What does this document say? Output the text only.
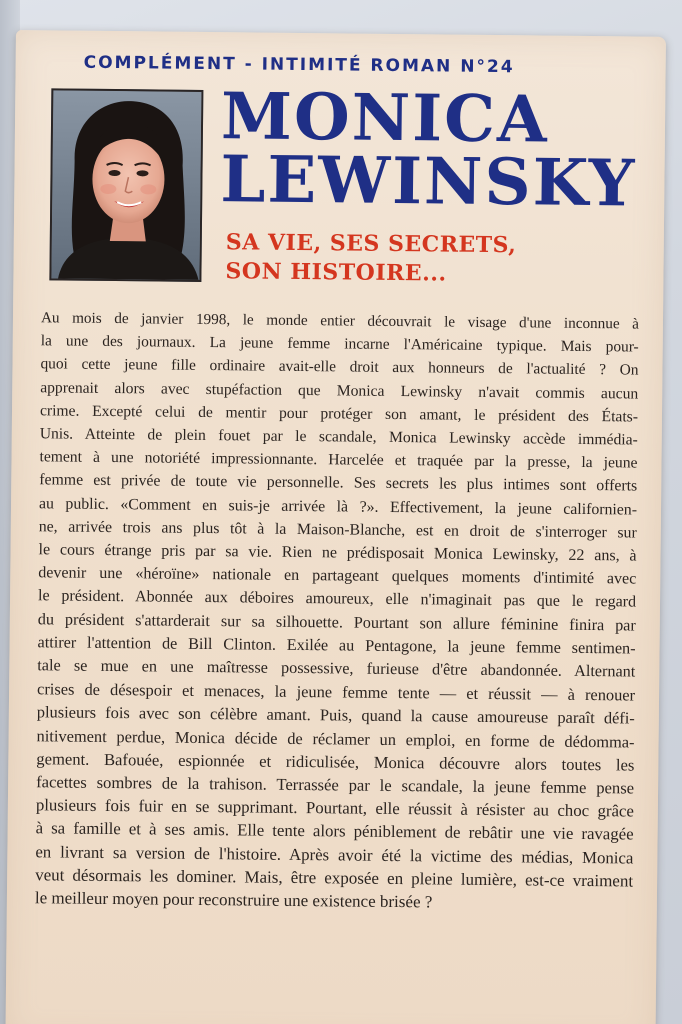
COMPLÉMENT - INTIMITÉ ROMAN N°24
MONICA
LEWINSKY
SA VIE, SES SECRETS,
SON HISTOIRE...
Au mois de janvier 1998, le monde entier découvrait le visage d'une inconnue à
la une des journaux. La jeune femme incarne l'Américaine typique. Mais pour-
quoi cette jeune fille ordinaire avait-elle droit aux honneurs de l'actualité ? On
apprenait alors avec stupéfaction que Monica Lewinsky n'avait commis aucun
crime. Excepté celui de mentir pour protéger son amant, le président des États-
Unis. Atteinte de plein fouet par le scandale, Monica Lewinsky accède immédia-
tement à une notoriété impressionnante. Harcelée et traquée par la presse, la jeune
femme est privée de toute vie personnelle. Ses secrets les plus intimes sont offerts
au public. «Comment en suis-je arrivée là ?». Effectivement, la jeune californien-
ne, arrivée trois ans plus tôt à la Maison-Blanche, est en droit de s'interroger sur
le cours étrange pris par sa vie. Rien ne prédisposait Monica Lewinsky, 22 ans, à
devenir une «héroïne» nationale en partageant quelques moments d'intimité avec
le président. Abonnée aux déboires amoureux, elle n'imaginait pas que le regard
du président s'attarderait sur sa silhouette. Pourtant son allure féminine finira par
attirer l'attention de Bill Clinton. Exilée au Pentagone, la jeune femme sentimen-
tale se mue en une maîtresse possessive, furieuse d'être abandonnée. Alternant
crises de désespoir et menaces, la jeune femme tente — et réussit — à renouer
plusieurs fois avec son célèbre amant. Puis, quand la cause amoureuse paraît défi-
nitivement perdue, Monica décide de réclamer un emploi, en forme de dédomma-
gement. Bafouée, espionnée et ridiculisée, Monica découvre alors toutes les
facettes sombres de la trahison. Terrassée par le scandale, la jeune femme pense
plusieurs fois fuir en se supprimant. Pourtant, elle réussit à résister au choc grâce
à sa famille et à ses amis. Elle tente alors péniblement de rebâtir une vie ravagée
en livrant sa version de l'histoire. Après avoir été la victime des médias, Monica
veut désormais les dominer. Mais, être exposée en pleine lumière, est-ce vraiment
le meilleur moyen pour reconstruire une existence brisée ?
